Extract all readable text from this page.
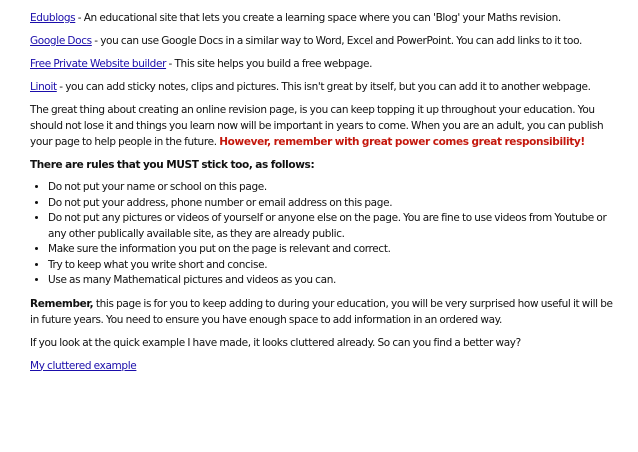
Edublogs - An educational site that lets you create a learning space where you can 'Blog' your Maths revision.

Google Docs - you can use Google Docs in a similar way to Word, Excel and PowerPoint. You can add links to it too.

Free Private Website builder - This site helps you build a free webpage.

Linoit - you can add sticky notes, clips and pictures. This isn't great by itself, but you can add it to another webpage.

The great thing about creating an online revision page, is you can keep topping it up throughout your education. You should not lose it and things you learn now will be important in years to come. When you are an adult, you can publish your page to help people in the future. However, remember with great power comes great responsibility!

There are rules that you MUST stick too, as follows:

• Do not put your name or school on this page.
• Do not put your address, phone number or email address on this page.
• Do not put any pictures or videos of yourself or anyone else on the page. You are fine to use videos from Youtube or any other publically available site, as they are already public.
• Make sure the information you put on the page is relevant and correct.
• Try to keep what you write short and concise.
• Use as many Mathematical pictures and videos as you can.

Remember, this page is for you to keep adding to during your education, you will be very surprised how useful it will be in future years. You need to ensure you have enough space to add information in an ordered way.

If you look at the quick example I have made, it looks cluttered already. So can you find a better way?

My cluttered example
